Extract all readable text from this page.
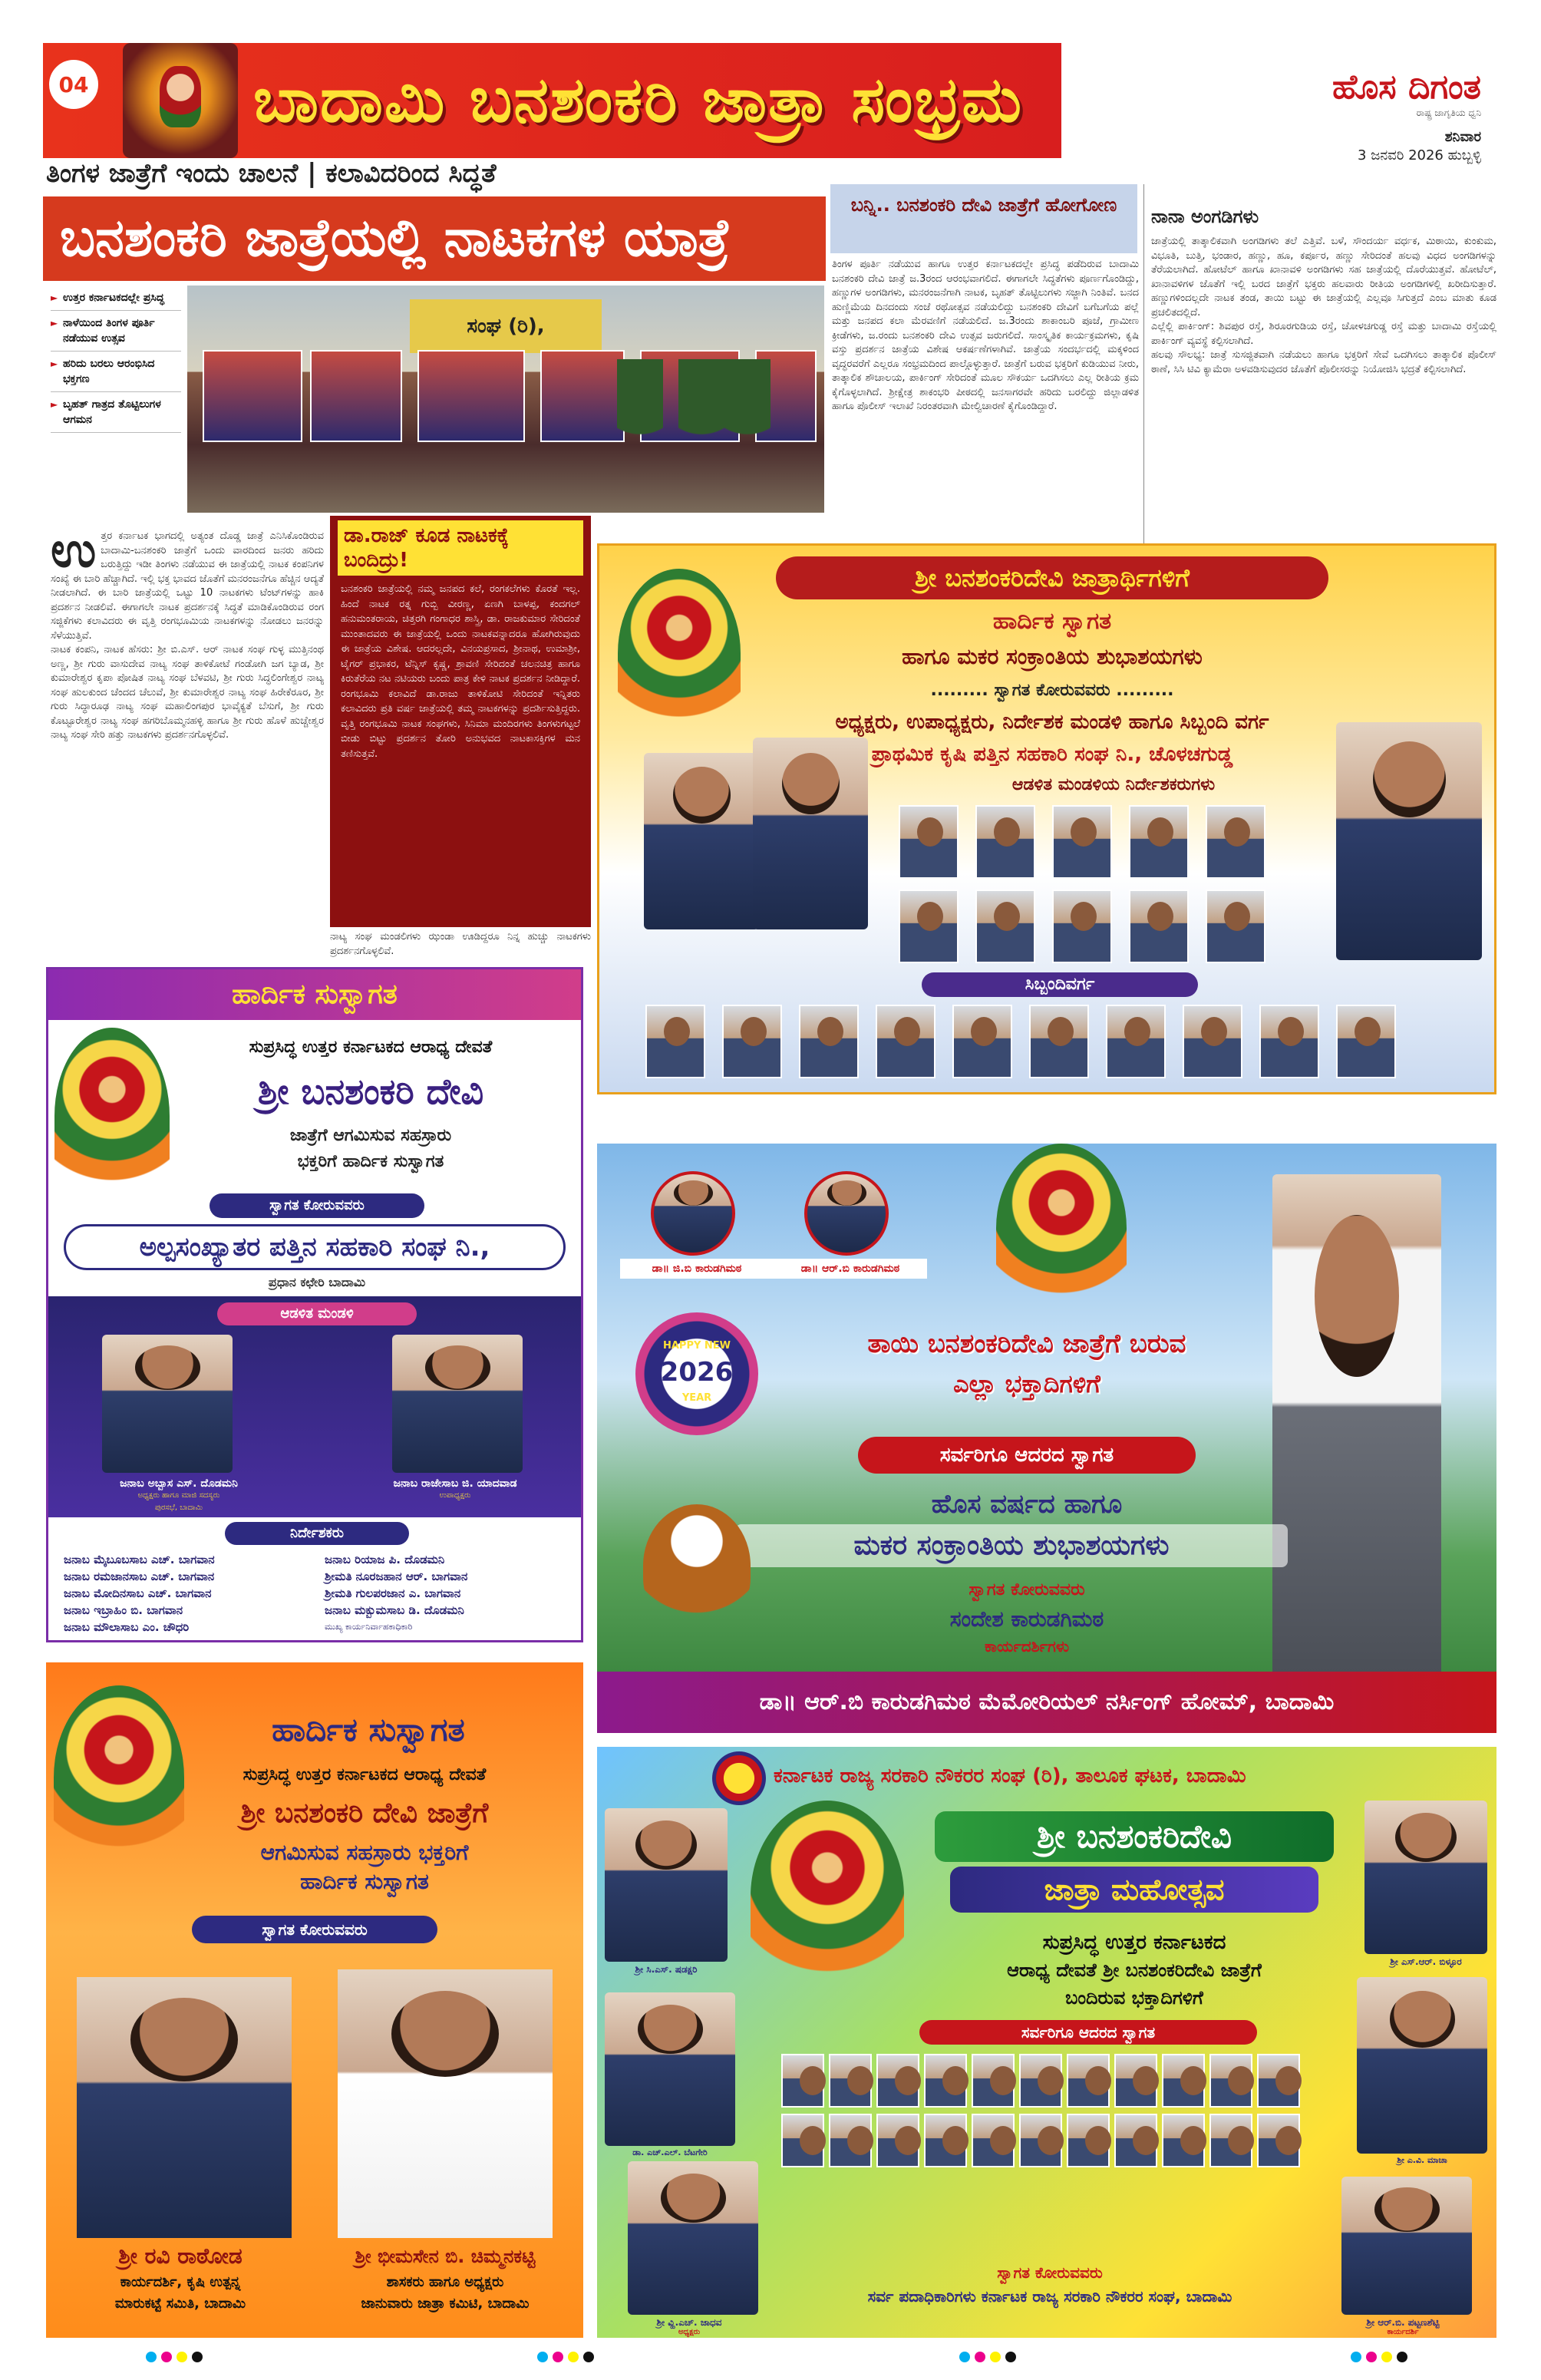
04	ಬಾದಾಮಿ ಬನಶಂಕರಿ ಜಾತ್ರಾ ಸಂಭ್ರಮ	ಹೊಸ ದಿಗಂತ
ರಾಷ್ಟ್ರ ಜಾಗೃತಿಯ ಧ್ವನಿ
ಶನಿವಾರ
3 ಜನವರಿ 2026 ಹುಬ್ಬಳ್ಳಿ
ತಿಂಗಳ ಜಾತ್ರೆಗೆ ಇಂದು ಚಾಲನೆ | ಕಲಾವಿದರಿಂದ ಸಿದ್ಧತೆ
ಬನಶಂಕರಿ ಜಾತ್ರೆಯಲ್ಲಿ ನಾಟಕಗಳ ಯಾತ್ರೆ
► ಉತ್ತರ ಕರ್ನಾಟಕದಲ್ಲೇ ಪ್ರಸಿದ್ಧ
► ನಾಳೆಯಿಂದ ತಿಂಗಳ ಪೂರ್ತಿ ನಡೆಯುವ ಉತ್ಸವ
► ಹರಿದು ಬರಲು ಆರಂಭಿಸಿದ ಭಕ್ತಗಣ
► ಬೃಹತ್ ಗಾತ್ರದ ತೊಟ್ಟಿಲುಗಳ ಆಗಮನ
ಸಂಘ (ರಿ),
ಉ ತ್ತರ ಕರ್ನಾಟಕ ಭಾಗದಲ್ಲಿ ಅತ್ಯಂತ ದೊಡ್ಡ ಜಾತ್ರೆ ಎನಿಸಿಕೊಂಡಿರುವ ಬಾದಾಮಿ-ಬನಶಂಕರಿ ಜಾತ್ರೆಗೆ ಒಂದು ವಾರದಿಂದ ಜನರು ಹರಿದು ಬರುತ್ತಿದ್ದು ಇಡೀ ತಿಂಗಳು ನಡೆಯುವ ಈ ಜಾತ್ರೆಯಲ್ಲಿ ನಾಟಕ ಕಂಪನಿಗಳ ಸಂಖ್ಯೆ ಈ ಬಾರಿ ಹೆಚ್ಚಾಗಿದೆ. ಇಲ್ಲಿ ಭಕ್ತ ಭಾವದ ಜೊತೆಗೆ ಮನರಂಜನೆಗೂ ಹೆಚ್ಚಿನ ಆದ್ಯತೆ ನೀಡಲಾಗಿದೆ. ಈ ಬಾರಿ ಜಾತ್ರೆಯಲ್ಲಿ ಒಟ್ಟು 10 ನಾಟಕಗಳು ಟೆಂಟ್‌ಗಳನ್ನು ಹಾಕಿ ಪ್ರದರ್ಶನ ನೀಡಲಿವೆ. ಈಗಾಗಲೇ ನಾಟಕ ಪ್ರದರ್ಶನಕ್ಕೆ ಸಿದ್ಧತೆ ಮಾಡಿಕೊಂಡಿರುವ ರಂಗ ಸಜ್ಜಿಕೆಗಳು ಕಲಾವಿದರು ಈ ವೃತ್ತಿ ರಂಗಭೂಮಿಯ ನಾಟಕಗಳನ್ನು ನೋಡಲು ಜನರನ್ನು ಸೆಳೆಯುತ್ತಿವೆ.
ನಾಟಕ ಕಂಪನಿ, ನಾಟಕ ಹೆಸರು: ಶ್ರೀ ಬಿ.ಎಸ್. ಆರ್ ನಾಟಕ ಸಂಘ ಗುಳ್ಳ ಮುತ್ತಿನಂಥ ಅಣ್ಣ, ಶ್ರೀ ಗುರು ವಾಸುದೇವ ನಾಟ್ಯ ಸಂಘ ತಾಳಿಕೋಟೆ ಗಂಡೋಗಿ ಜಗ ಬ್ಯಾಡ, ಶ್ರೀ ಕುಮಾರೇಶ್ವರ ಕೃಪಾ ಪೋಷಿತ ನಾಟ್ಯ ಸಂಘ ಬೆಳವಟಿ, ಶ್ರೀ ಗುರು ಸಿದ್ಧಲಿಂಗೇಶ್ವರ ನಾಟ್ಯ ಸಂಘ ಹುಲಕುಂದ ಚೆಂದದ ಚೆಲುವೆ, ಶ್ರೀ ಕುಮಾರೇಶ್ವರ ನಾಟ್ಯ ಸಂಘ ಹಿರೇಕೆರೂರ, ಶ್ರೀ ಗುರು ಸಿದ್ಧಾರೂಢ ನಾಟ್ಯ ಸಂಘ ಮಹಾಲಿಂಗಪುರ ಭಾವೈಕ್ಯತೆ ಬೆಸುಗೆ, ಶ್ರೀ ಗುರು ಕೊಟ್ಟೂರೇಶ್ವರ ನಾಟ್ಯ ಸಂಘ ಹಗರಿಬೊಮ್ಮನಹಳ್ಳಿ ಹಾಗೂ ಶ್ರೀ ಗುರು ಹೊಳೆ ಹುಚ್ಚೇಶ್ವರ ನಾಟ್ಯ ಸಂಘ ಸೇರಿ ಹತ್ತು ನಾಟಕಗಳು ಪ್ರದರ್ಶನಗೊಳ್ಳಲಿವೆ.
ಡಾ.ರಾಜ್ ಕೂಡ ನಾಟಕಕ್ಕೆ ಬಂದಿದ್ರು!

ಬನಶಂಕರಿ ಜಾತ್ರೆಯಲ್ಲಿ ನಮ್ಮ ಜನಪದ ಕಲೆ, ರಂಗಕಲೆಗಳು ಕೊರತೆ ಇಲ್ಲ. ಹಿಂದೆ ನಾಟಕ ರತ್ನ ಗುಬ್ಬಿ ವೀರಣ್ಣ, ಏಣಗಿ ಬಾಳಪ್ಪ, ಕಂದಗಲ್ ಹನುಮಂತರಾಯ, ಚಿತ್ತರಗಿ ಗಂಗಾಧರ ಶಾಸ್ತ್ರಿ, ಡಾ. ರಾಜಕುಮಾರ ಸೇರಿದಂತೆ ಮುಂತಾದವರು ಈ ಜಾತ್ರೆಯಲ್ಲಿ ಒಂದು ನಾಟಕವನ್ನಾದರೂ ಹೋಗಿರುವುದು ಈ ಜಾತ್ರೆಯ ವಿಶೇಷ. ಆದರಲ್ಲದೇ, ವಿನಯಪ್ರಸಾದ, ಶ್ರೀನಾಥ, ಉಮಾಶ್ರೀ, ಟೈಗರ್ ಪ್ರಭಾಕರ, ಟೆನ್ನಿಸ್ ಕೃಷ್ಣ, ಶ್ರಾವಣಿ ಸೇರಿದಂತೆ ಚಲನಚಿತ್ರ ಹಾಗೂ ಕಿರುತೆರೆಯ ನಟ ನಟಿಯರು ಬಂದು ಪಾತ್ರ ಕೇಳಿ ನಾಟಕ ಪ್ರದರ್ಶನ ನೀಡಿದ್ದಾರೆ. ರಂಗಭೂಮಿ ಕಲಾವಿದೆ ಡಾ.ರಾಜು ತಾಳಿಕೋಟಿ ಸೇರಿದಂತೆ ಇನ್ನಿತರು ಕಲಾವಿದರು ಪ್ರತಿ ವರ್ಷ ಜಾತ್ರೆಯಲ್ಲಿ ತಮ್ಮ ನಾಟಕಗಳನ್ನು ಪ್ರದರ್ಶಿಸುತ್ತಿದ್ದರು. ವೃತ್ತಿ ರಂಗಭೂಮಿ ನಾಟಕ ಸಂಘಗಳು, ಸಿನಿಮಾ ಮಂದಿರಗಳು ತಿಂಗಳುಗಟ್ಟಲೆ ಬೀಡು ಬಿಟ್ಟು ಪ್ರದರ್ಶನ ತೋರಿ ಅನುಭವದ ನಾಟಕಾಸಕ್ತಿಗಳ ಮನ ತಣಿಸುತ್ತವೆ.

ನಾಟ್ಯ ಸಂಘ ಮಂಡಲಿಗಳು ಝಂಡಾ ಊಡಿದ್ದರೂ ನಿನ್ನ ಹುಚ್ಚು ನಾಟಕಗಳು ಪ್ರದರ್ಶನಗೊಳ್ಳಲಿವೆ.
ಬನ್ನಿ.. ಬನಶಂಕರಿ ದೇವಿ ಜಾತ್ರೆಗೆ ಹೋಗೋಣ
ತಿಂಗಳ ಪೂರ್ತಿ ನಡೆಯುವ ಹಾಗೂ ಉತ್ತರ ಕರ್ನಾಟಕದಲ್ಲೇ ಪ್ರಸಿದ್ಧ ಪಡೆದಿರುವ ಬಾದಾಮಿ ಬನಶಂಕರಿ ದೇವಿ ಜಾತ್ರೆ ಜ.3ರಂದ ಆರಂಭವಾಗಲಿದೆ. ಈಗಾಗಲೇ ಸಿದ್ಧತೆಗಳು ಪೂರ್ಣಗೊಂಡಿದ್ದು, ಹಣ್ಣುಗಳ ಅಂಗಡಿಗಳು, ಮನರಂಜನೆಗಾಗಿ ನಾಟಕ, ಬೃಹತ್ ತೊಟ್ಟಿಲುಗಳು ಸಜ್ಜಾಗಿ ನಿಂತಿವೆ. ಬನದ ಹುಣ್ಣಿಮೆಯ ದಿನದಂದು ಸಂಜೆ ರಥೋತ್ಸವ ನಡೆಯಲಿದ್ದು ಬನಶಂಕರಿ ದೇವಿಗೆ ಬಗೆಬಗೆಯ ಪಲ್ಲೆ ಮತ್ತು ಜನಪದ ಕಲಾ ಮೆರವಣಿಗೆ ನಡೆಯಲಿದೆ. ಜ.3ರಂದು ಶಾಕಾಂಬರಿ ಪೂಜೆ, ಗ್ರಾಮೀಣ ಕ್ರೀಡೆಗಳು, ಜ.ರಂದು ಬನಶಂಕರಿ ದೇವಿ ಉತ್ಸವ ಜರುಗಲಿದೆ. ಸಾಂಸ್ಕೃತಿಕ ಕಾರ್ಯಕ್ರಮಗಳು, ಕೃಷಿ ವಸ್ತು ಪ್ರದರ್ಶನ ಜಾತ್ರೆಯ ವಿಶೇಷ ಆಕರ್ಷಣೆಗಳಾಗಿವೆ. ಜಾತ್ರೆಯ ಸಂದರ್ಭದಲ್ಲಿ ಮಕ್ಕಳಿಂದ ವೃದ್ಧರವರೆಗೆ ಎಲ್ಲರೂ ಸಂಭ್ರಮದಿಂದ ಪಾಲ್ಗೊಳ್ಳುತ್ತಾರೆ. ಜಾತ್ರೆಗೆ ಬರುವ ಭಕ್ತರಿಗೆ ಕುಡಿಯುವ ನೀರು, ತಾತ್ಕಾಲಿಕ ಶೌಚಾಲಯ, ಪಾರ್ಕಿಂಗ್ ಸೇರಿದಂತೆ ಮೂಲ ಸೌಕರ್ಯ ಒದಗಿಸಲು ಎಲ್ಲ ರೀತಿಯ ಕ್ರಮ ಕೈಗೊಳ್ಳಲಾಗಿದೆ. ಶ್ರೀಕ್ಷೇತ್ರ ಶಾಕಂಭರಿ ಪೀಠದಲ್ಲಿ ಜನಸಾಗರವೇ ಹರಿದು ಬರಲಿದ್ದು ಜಿಲ್ಲಾಡಳಿತ ಹಾಗೂ ಪೊಲೀಸ್ ಇಲಾಖೆ ನಿರಂತರವಾಗಿ ಮೇಲ್ವಿಚಾರಣೆ ಕೈಗೊಂಡಿದ್ದಾರೆ.
ನಾನಾ ಅಂಗಡಿಗಳು
ಜಾತ್ರೆಯಲ್ಲಿ ತಾತ್ಕಾಲಿಕವಾಗಿ ಅಂಗಡಿಗಳು ತಲೆ ಎತ್ತಿವೆ. ಬಳೆ, ಸೌಂದರ್ಯ ವರ್ಧಕ, ಮಿಠಾಯಿ, ಕುಂಕುಮ, ವಿಭೂತಿ, ಬುತ್ತಿ, ಭಂಡಾರ, ಹಣ್ಣು, ಹೂ, ಕರ್ಪೂರ, ಹಣ್ಣು ಸೇರಿದಂತೆ ಹಲವು ವಿಧದ ಅಂಗಡಿಗಳನ್ನು ತೆರೆಯಲಾಗಿದೆ. ಹೋಟೆಲ್ ಹಾಗೂ ಖಾನಾವಳಿ ಅಂಗಡಿಗಳು ಸಹ ಜಾತ್ರೆಯಲ್ಲಿ ದೊರೆಯುತ್ತವೆ. ಹೋಟೆಲ್, ಖಾನಾವಳಿಗಳ ಜೊತೆಗೆ ಇಲ್ಲಿ ಬರದ ಜಾತ್ರೆಗೆ ಭಕ್ತರು ಹಲವಾರು ರೀತಿಯ ಅಂಗಡಿಗಳಲ್ಲಿ ಖರೀದಿಸುತ್ತಾರೆ. ಹಣ್ಣುಗಳಿಂದಲ್ಲದೇ ನಾಟಕ ತಂಡ, ತಾಯಿ ಬಟ್ಟು ಈ ಜಾತ್ರೆಯಲ್ಲಿ ಎಲ್ಲವೂ ಸಿಗುತ್ತದೆ ಎಂಬ ಮಾತು ಕೂಡ ಪ್ರಚಲಿತದಲ್ಲಿದೆ.
ಎಲ್ಲೆಲ್ಲಿ ಪಾರ್ಕಿಂಗ್: ಶಿವಪುರ ರಸ್ತೆ, ಶಿರೂರಗುಡಿಯ ರಸ್ತೆ, ಚೋಳಚಗುಡ್ಡ ರಸ್ತೆ ಮತ್ತು ಬಾದಾಮಿ ರಸ್ತೆಯಲ್ಲಿ ಪಾರ್ಕಿಂಗ್ ವ್ಯವಸ್ಥೆ ಕಲ್ಪಿಸಲಾಗಿದೆ.
ಹಲವು ಸೌಲಭ್ಯ: ಜಾತ್ರೆ ಸುಸಜ್ಜಿತವಾಗಿ ನಡೆಯಲು ಹಾಗೂ ಭಕ್ತರಿಗೆ ಸೇವೆ ಒದಗಿಸಲು ತಾತ್ಕಾಲಿಕ ಪೊಲೀಸ್ ಠಾಣೆ, ಸಿಸಿ ಟಿವಿ ಕ್ಯಾಮೆರಾ ಅಳವಡಿಸುವುದರ ಜೊತೆಗೆ ಪೊಲೀಸರನ್ನು ನಿಯೋಜಿಸಿ ಭದ್ರತೆ ಕಲ್ಪಿಸಲಾಗಿದೆ.
ಶ್ರೀ ಬನಶಂಕರಿದೇವಿ ಜಾತ್ರಾರ್ಥಿಗಳಿಗೆ
ಹಾರ್ದಿಕ ಸ್ವಾಗತ
ಹಾಗೂ ಮಕರ ಸಂಕ್ರಾಂತಿಯ ಶುಭಾಶಯಗಳು
......... ಸ್ವಾಗತ ಕೋರುವವರು .........
ಅಧ್ಯಕ್ಷರು, ಉಪಾಧ್ಯಕ್ಷರು, ನಿರ್ದೇಶಕ ಮಂಡಳಿ ಹಾಗೂ ಸಿಬ್ಬಂದಿ ವರ್ಗ
ಪ್ರಾಥಮಿಕ ಕೃಷಿ ಪತ್ತಿನ ಸಹಕಾರಿ ಸಂಘ ನಿ., ಚೊಳಚಗುಡ್ಡ
ಆಡಳಿತ ಮಂಡಳಿಯ ನಿರ್ದೇಶಕರುಗಳು
ಸಿಬ್ಬಂದಿವರ್ಗ
ಹಾರ್ದಿಕ ಸುಸ್ವಾಗತ
ಸುಪ್ರಸಿದ್ಧ ಉತ್ತರ ಕರ್ನಾಟಕದ ಆರಾಧ್ಯ ದೇವತೆ
ಶ್ರೀ ಬನಶಂಕರಿ ದೇವಿ
ಜಾತ್ರೆಗೆ ಆಗಮಿಸುವ ಸಹಸ್ರಾರು
ಭಕ್ತರಿಗೆ ಹಾರ್ದಿಕ ಸುಸ್ವಾಗತ
ಸ್ವಾಗತ ಕೋರುವವರು
ಅಲ್ಪಸಂಖ್ಯಾತರ ಪತ್ತಿನ ಸಹಕಾರಿ ಸಂಘ ನಿ.,
ಪ್ರಧಾನ ಕಛೇರಿ ಬಾದಾಮಿ
ಆಡಳಿತ ಮಂಡಳಿ
ಜನಾಬ ಅಬ್ಬಾಸ ಎಸ್. ದೊಡಮನಿ
ಅಧ್ಯಕ್ಷರು ಹಾಗೂ ಮಾಜಿ ಸದಸ್ಯರು
ಪುರಸಭೆ, ಬಾದಾಮಿ
ಜನಾಬ ರಾಜೇಸಾಬ ಜಿ. ಯಾದವಾಡ
ಉಪಾಧ್ಯಕ್ಷರು
ನಿರ್ದೇಶಕರು
ಜನಾಬ ಮೈಬೂಬಸಾಬ ಎಚ್. ಬಾಗವಾನ
ಜನಾಬ ರಮಜಾನಸಾಬ ಎಚ್. ಬಾಗವಾನ
ಜನಾಬ ಮೋದಿನಸಾಬ ಎಚ್. ಬಾಗವಾನ
ಜನಾಬ ಇಬ್ರಾಹಿಂ ಬಿ. ಬಾಗವಾನ
ಜನಾಬ ಮೌಲಾಸಾಬ ಎಂ. ಚೌಧರಿ
ಜನಾಬ ರಿಯಾಜ ಪಿ. ದೊಡಮನಿ
ಶ್ರೀಮತಿ ನೂರಜಹಾನ ಆರ್. ಬಾಗವಾನ
ಶ್ರೀಮತಿ ಗುಲಪರಜಾನ ಎ. ಬಾಗವಾನ
ಜನಾಬ ಮಕ್ಬುಮಸಾಬ ಡಿ. ದೊಡಮನಿ
ಮುಖ್ಯ ಕಾರ್ಯನಿರ್ವಾಹಕಾಧಿಕಾರಿ
ಡಾ॥ ಜಿ.ಬಿ ಕಾರುಡಗಿಮಠ	ಡಾ॥ ಆರ್.ಬಿ ಕಾರುಡಗಿಮಠ
HAPPY NEW
2026
YEAR
ತಾಯಿ ಬನಶಂಕರಿದೇವಿ ಜಾತ್ರೆಗೆ ಬರುವ
ಎಲ್ಲಾ ಭಕ್ತಾದಿಗಳಿಗೆ
ಸರ್ವರಿಗೂ ಆದರದ ಸ್ವಾಗತ
ಹೊಸ ವರ್ಷದ ಹಾಗೂ
ಮಕರ ಸಂಕ್ರಾಂತಿಯ ಶುಭಾಶಯಗಳು
ಸ್ವಾಗತ ಕೋರುವವರು
ಸಂದೇಶ ಕಾರುಡಗಿಮಠ
ಕಾರ್ಯದರ್ಶಿಗಳು
ಡಾ॥ ಆರ್.ಬಿ ಕಾರುಡಗಿಮಠ ಮೆಮೋರಿಯಲ್ ನರ್ಸಿಂಗ್ ಹೋಮ್, ಬಾದಾಮಿ
ಹಾರ್ದಿಕ ಸುಸ್ವಾಗತ
ಸುಪ್ರಸಿದ್ಧ ಉತ್ತರ ಕರ್ನಾಟಕದ ಆರಾಧ್ಯ ದೇವತೆ
ಶ್ರೀ ಬನಶಂಕರಿ ದೇವಿ ಜಾತ್ರೆಗೆ
ಆಗಮಿಸುವ ಸಹಸ್ರಾರು ಭಕ್ತರಿಗೆ
ಹಾರ್ದಿಕ ಸುಸ್ವಾಗತ
ಸ್ವಾಗತ ಕೋರುವವರು
ಶ್ರೀ ರವಿ ರಾಠೋಡ
ಕಾರ್ಯದರ್ಶಿ, ಕೃಷಿ ಉತ್ಪನ್ನ
ಮಾರುಕಟ್ಟೆ ಸಮಿತಿ, ಬಾದಾಮಿ
ಶ್ರೀ ಭೀಮಸೇನ ಬಿ. ಚಿಮ್ಮನಕಟ್ಟಿ
ಶಾಸಕರು ಹಾಗೂ ಅಧ್ಯಕ್ಷರು
ಜಾನುವಾರು ಜಾತ್ರಾ ಕಮಿಟಿ, ಬಾದಾಮಿ
ಕರ್ನಾಟಕ ರಾಜ್ಯ ಸರಕಾರಿ ನೌಕರರ ಸಂಘ (ರಿ), ತಾಲೂಕ ಘಟಕ, ಬಾದಾಮಿ
ಶ್ರೀ ಸಿ.ಎಸ್. ಷಡಕ್ಷರಿ
ಶ್ರೀ ಎಸ್.ಆರ್. ಬಿಳ್ಳೂರ
ಶ್ರೀ ಬನಶಂಕರಿದೇವಿ
ಜಾತ್ರಾ ಮಹೋತ್ಸವ
ಸುಪ್ರಸಿದ್ಧ ಉತ್ತರ ಕರ್ನಾಟಕದ
ಆರಾಧ್ಯ ದೇವತೆ ಶ್ರೀ ಬನಶಂಕರಿದೇವಿ ಜಾತ್ರೆಗೆ
ಬಂದಿರುವ ಭಕ್ತಾದಿಗಳಿಗೆ
ಡಾ. ಎಚ್.ಎಲ್. ಬೆಟಗೇರಿ
ಶ್ರೀ ಎ.ವಿ. ಮಾಚಾ
ಸರ್ವರಿಗೂ ಆದರದ ಸ್ವಾಗತ
ಸ್ವಾಗತ ಕೋರುವವರು
ಸರ್ವ ಪದಾಧಿಕಾರಿಗಳು ಕರ್ನಾಟಕ ರಾಜ್ಯ ಸರಕಾರಿ ನೌಕರರ ಸಂಘ, ಬಾದಾಮಿ
ಶ್ರೀ ವ್ಹಿ.ಎಚ್. ಜಾಧವ
ಅಧ್ಯಕ್ಷರು
ಶ್ರೀ ಆರ್.ಬಿ. ಪಟ್ಟಣಶೆಟ್ಟಿ
ಕಾರ್ಯದರ್ಶಿ
